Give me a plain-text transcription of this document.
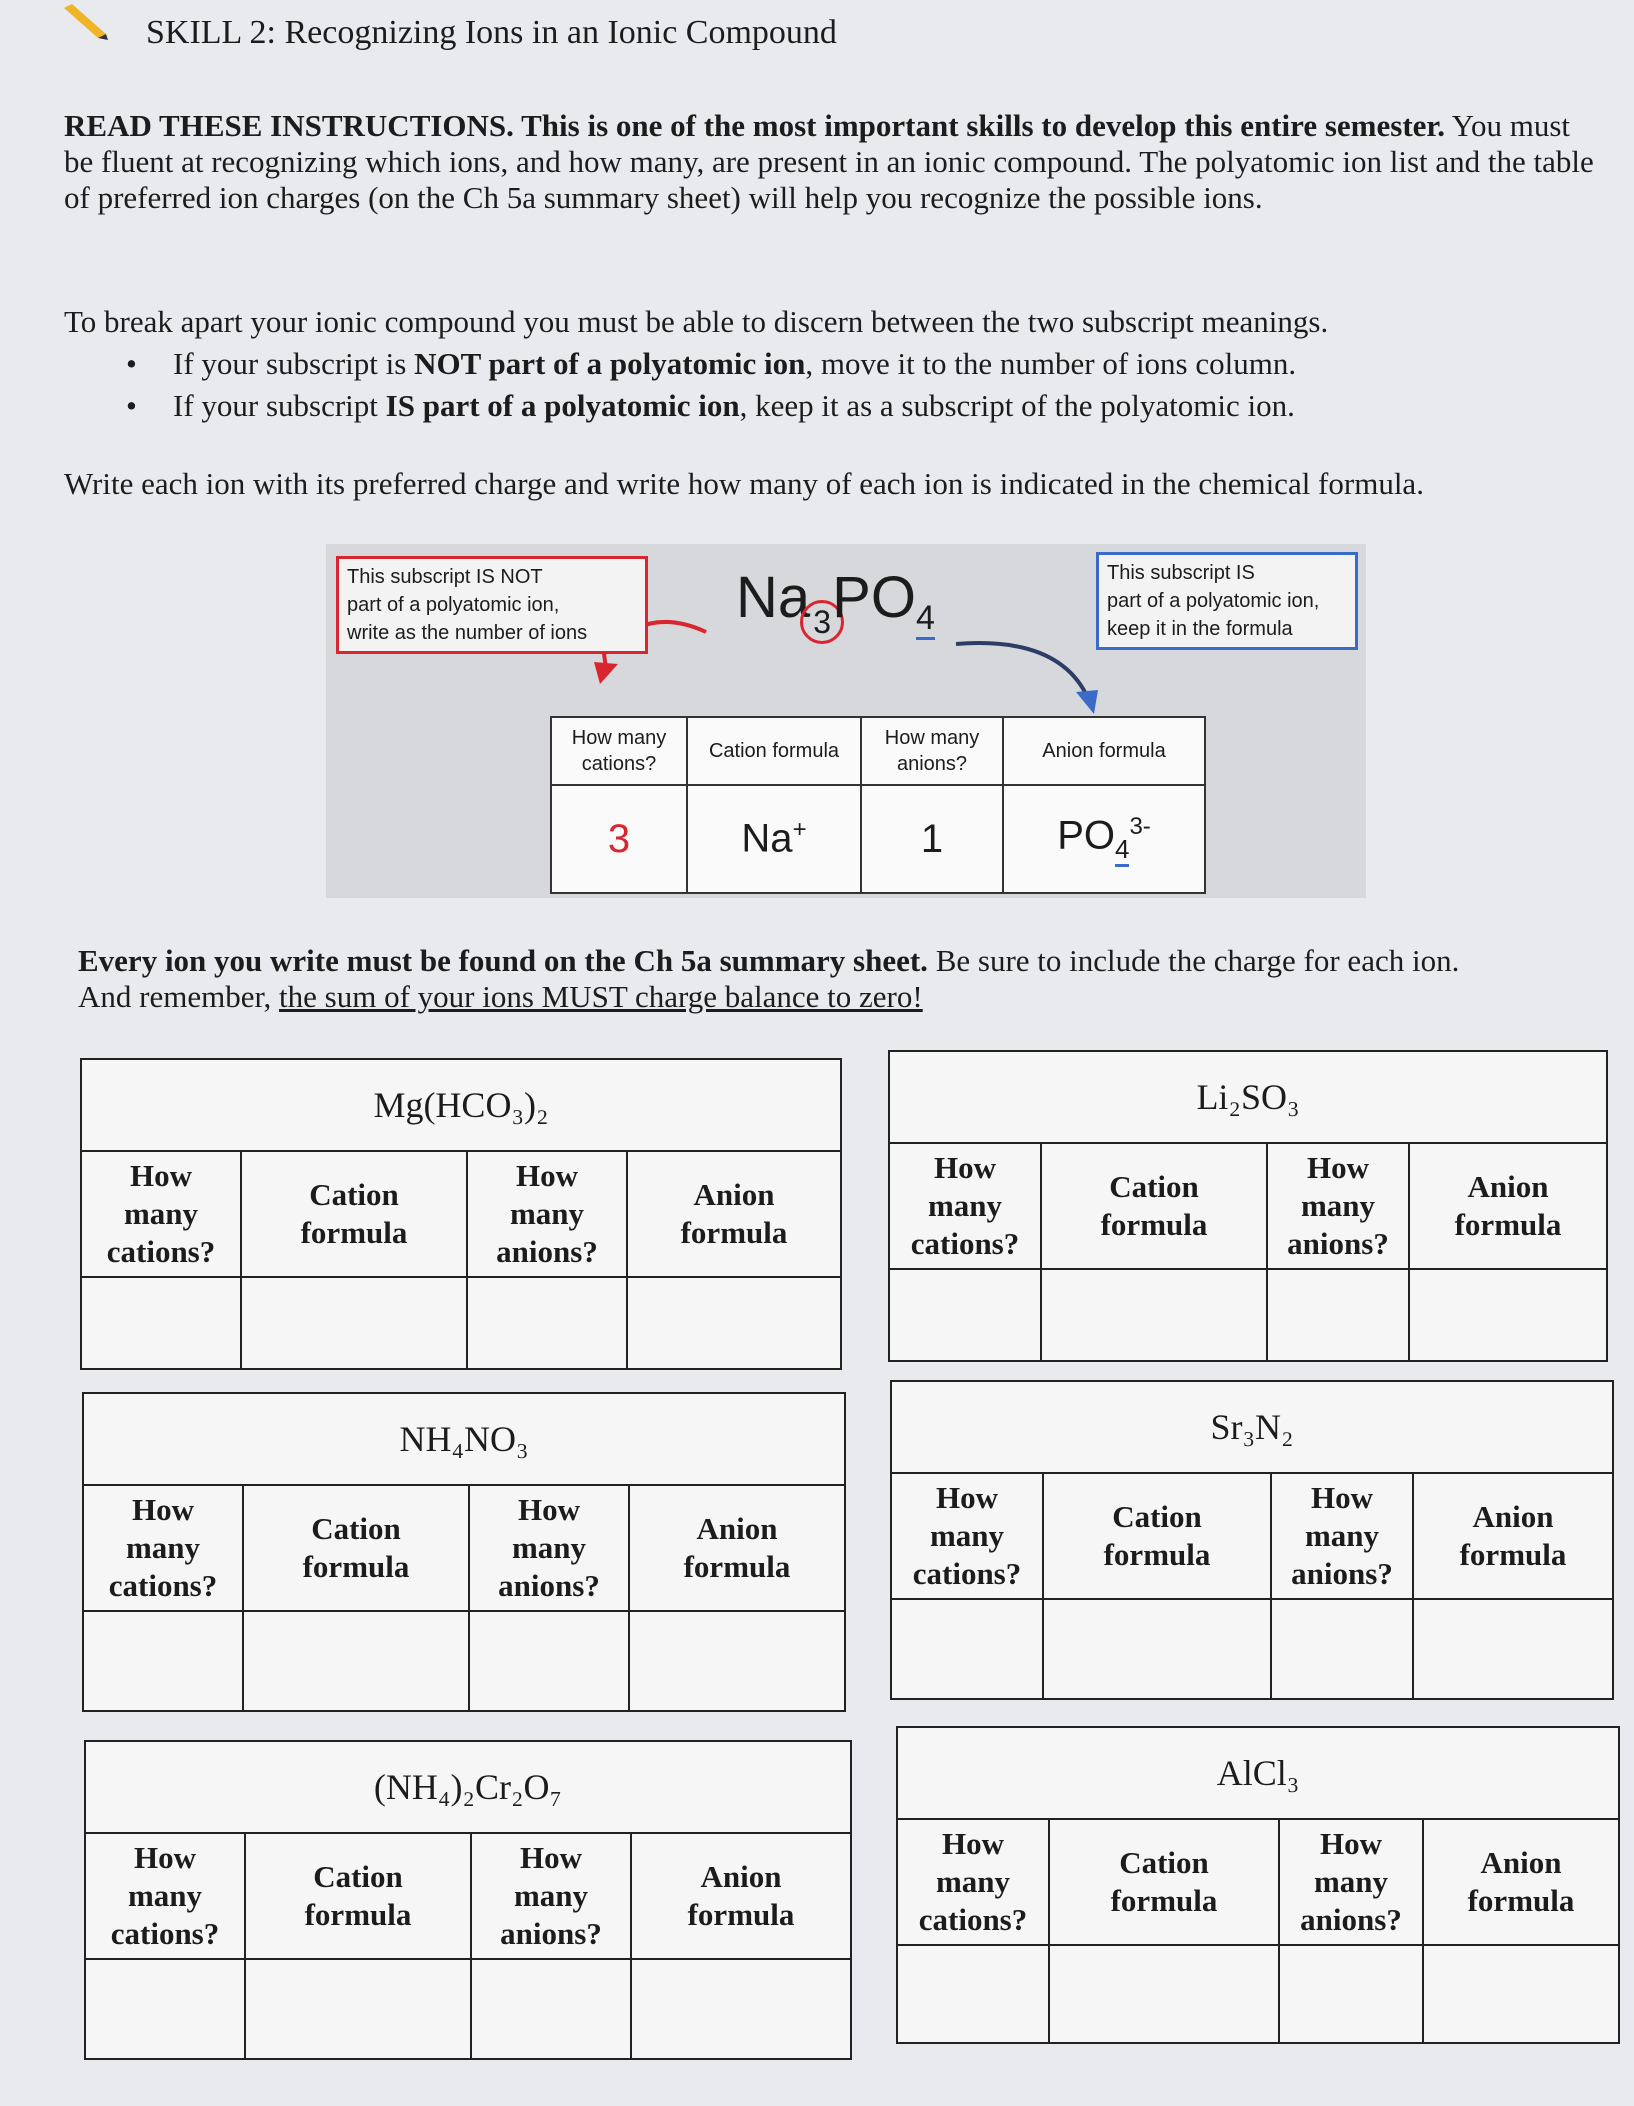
SKILL 2: Recognizing Ions in an Ionic Compound
READ THESE INSTRUCTIONS. This is one of the most important skills to develop this entire semester. You must be fluent at recognizing which ions, and how many, are present in an ionic compound. The polyatomic ion list and the table of preferred ion charges (on the Ch 5a summary sheet) will help you recognize the possible ions.
To break apart your ionic compound you must be able to discern between the two subscript meanings.
• If your subscript is NOT part of a polyatomic ion, move it to the number of ions column.
• If your subscript IS part of a polyatomic ion, keep it as a subscript of the polyatomic ion.
Write each ion with its preferred charge and write how many of each ion is indicated in the chemical formula.
This subscript IS NOT
part of a polyatomic ion,
write as the number of ions
$Na3PO_4$
This subscript IS
part of a polyatomic ion,
keep it in the formula
How many cations?	Cation formula	How many anions?	Anion formula
3	Na+	1	$PO_4^{3-}$
Every ion you write must be found on the Ch 5a summary sheet. Be sure to include the charge for each ion.
And remember, the sum of your ions MUST charge balance to zero!
Mg(HCO₃)₂			
How
many
cations?	Cation
formula	How
many
anions?	Anion
formula

Li₂SO₃			
How
many
cations?	Cation
formula	How
many
anions?	Anion
formula

NH₄NO₃			
How
many
cations?	Cation
formula	How
many
anions?	Anion
formula

Sr₃N₂			
How
many
cations?	Cation
formula	How
many
anions?	Anion
formula

(NH₄)₂Cr₂O₇			
How
many
cations?	Cation
formula	How
many
anions?	Anion
formula

AlCl₃			
How
many
cations?	Cation
formula	How
many
anions?	Anion
formula
